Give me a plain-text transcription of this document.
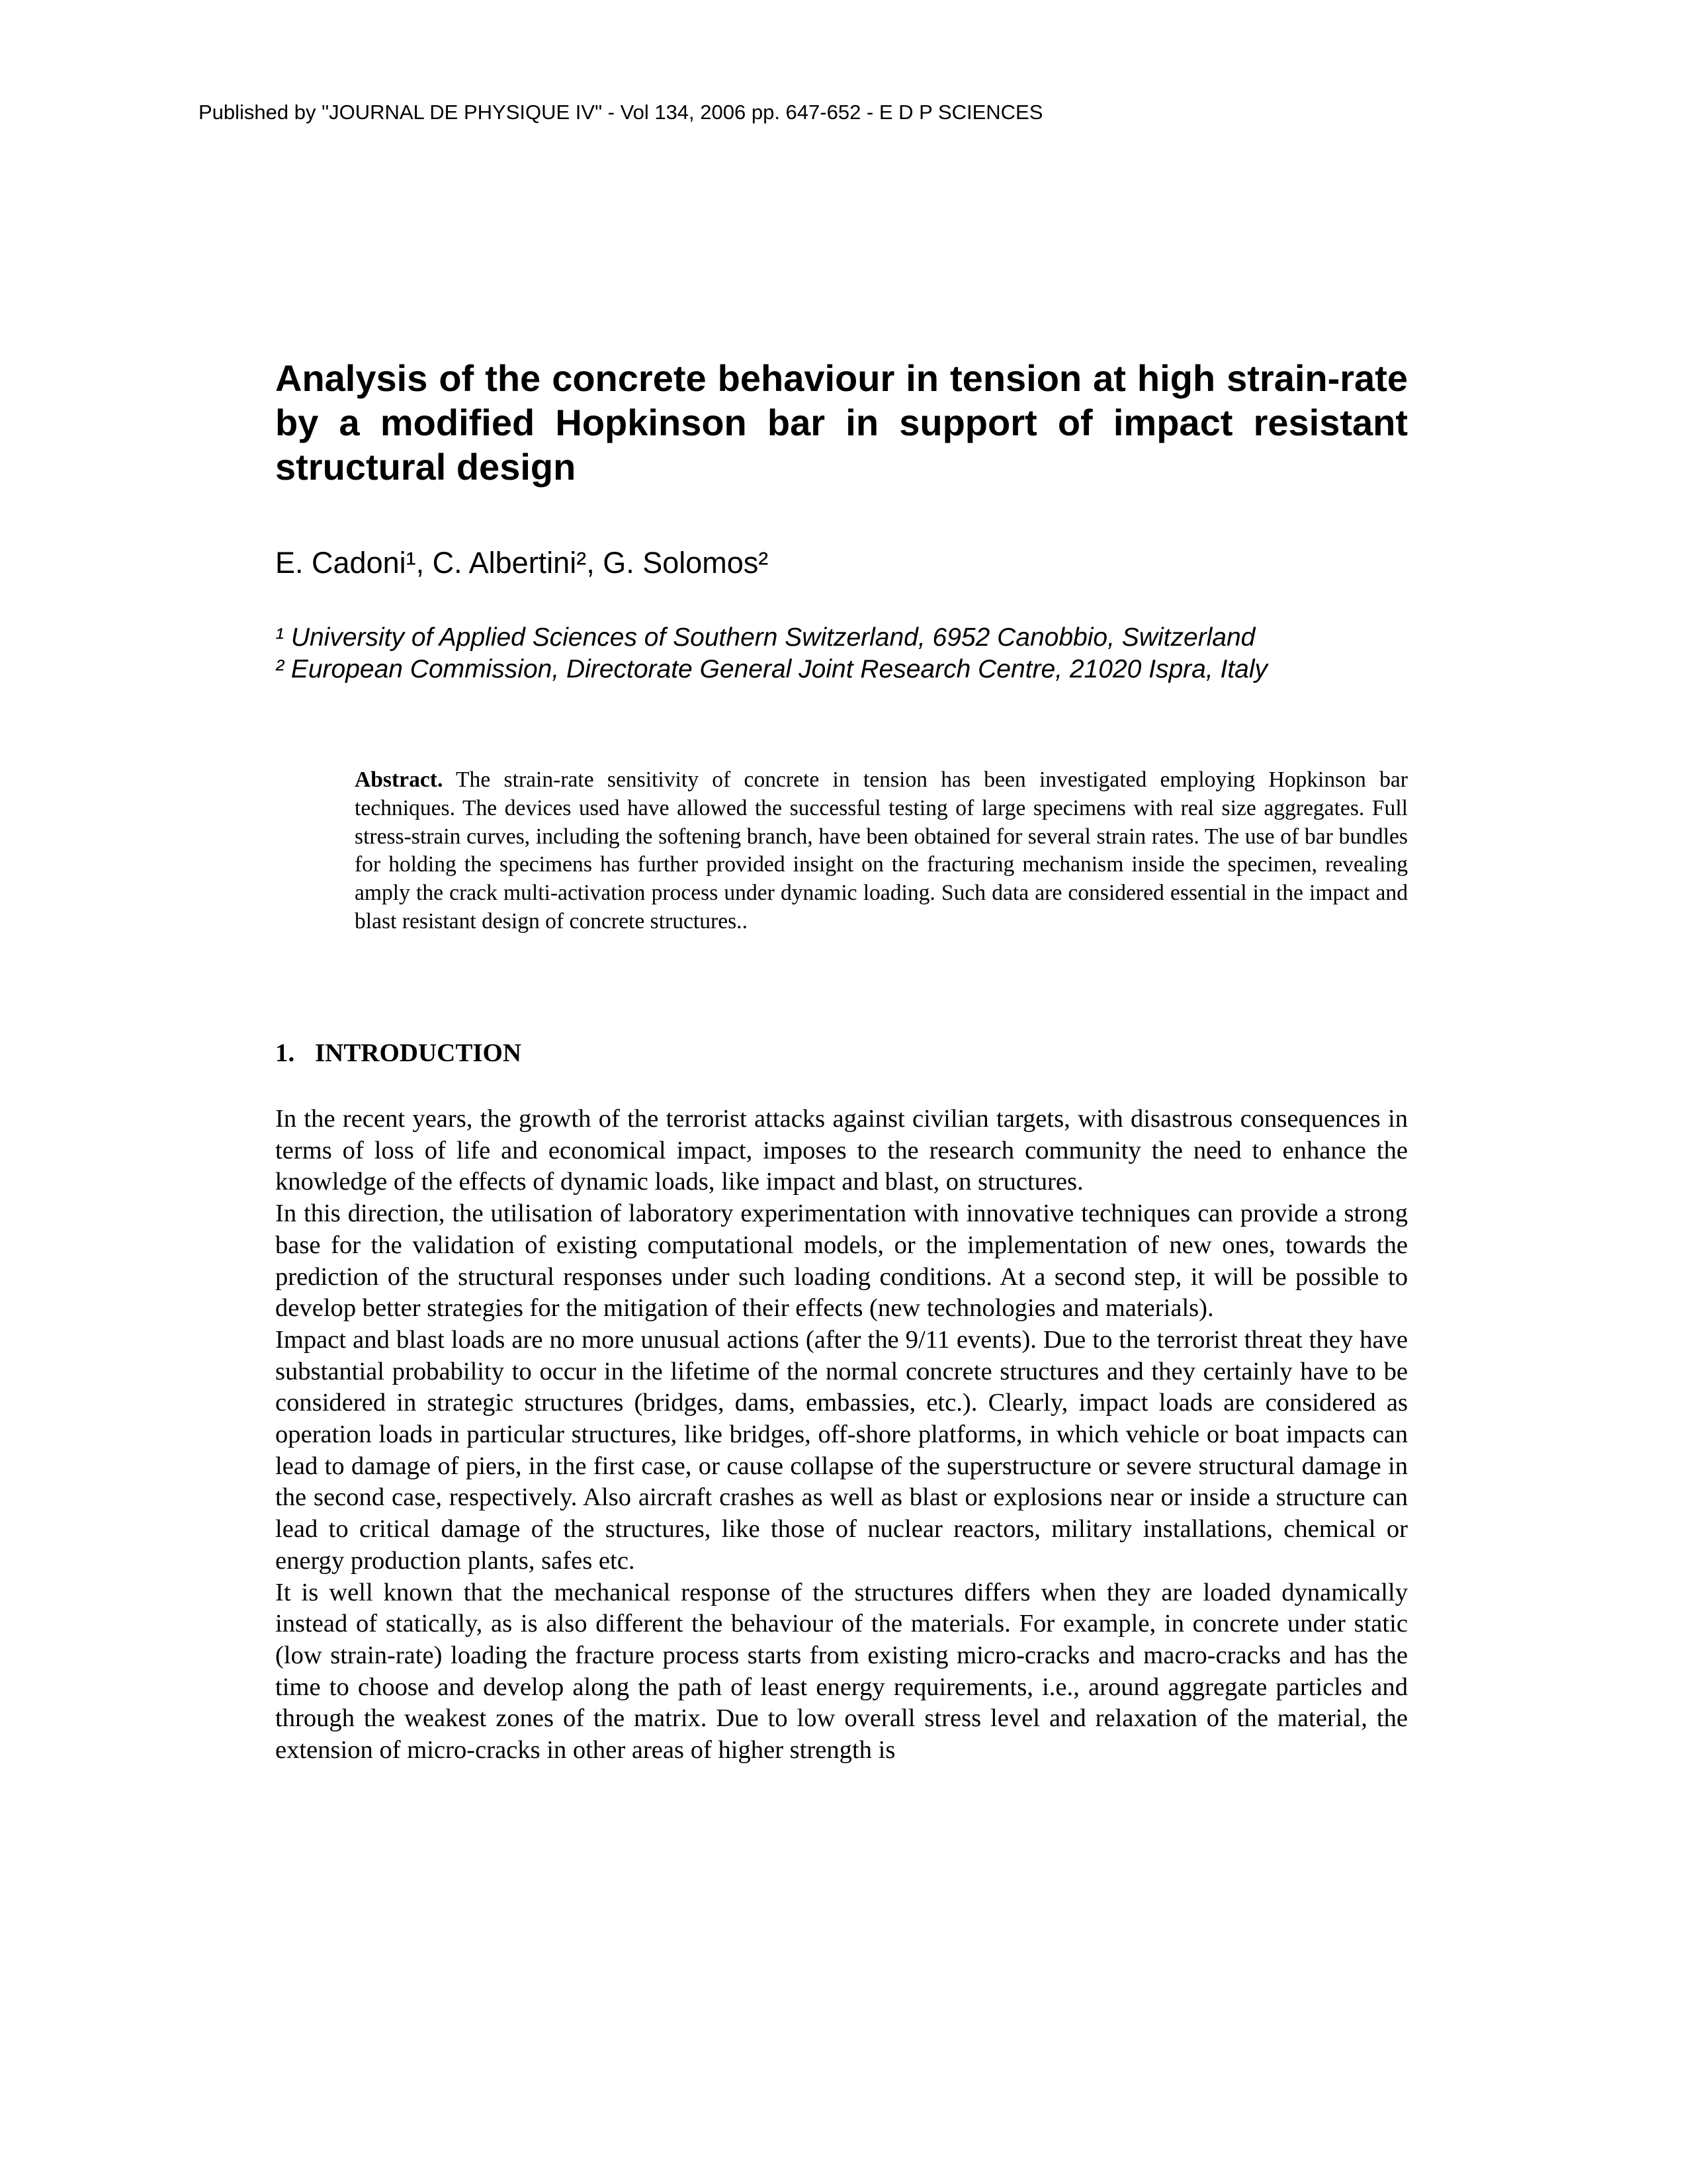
Published by "JOURNAL DE PHYSIQUE IV" - Vol 134, 2006 pp. 647-652 - E D P SCIENCES
Analysis of the concrete behaviour in tension at high strain-rate by a modified Hopkinson bar in support of impact resistant structural design
E. Cadoni¹, C. Albertini², G. Solomos²
¹ University of Applied Sciences of Southern Switzerland, 6952 Canobbio, Switzerland
² European Commission, Directorate General Joint Research Centre, 21020 Ispra, Italy

Abstract. The strain-rate sensitivity of concrete in tension has been investigated employing Hopkinson bar techniques. The devices used have allowed the successful testing of large specimens with real size aggregates. Full stress-strain curves, including the softening branch, have been obtained for several strain rates. The use of bar bundles for holding the specimens has further provided insight on the fracturing mechanism inside the specimen, revealing amply the crack multi-activation process under dynamic loading. Such data are considered essential in the impact and blast resistant design of concrete structures..

1. INTRODUCTION

In the recent years, the growth of the terrorist attacks against civilian targets, with disastrous consequences in terms of loss of life and economical impact, imposes to the research community the need to enhance the knowledge of the effects of dynamic loads, like impact and blast, on structures.

In this direction, the utilisation of laboratory experimentation with innovative techniques can provide a strong base for the validation of existing computational models, or the implementation of new ones, towards the prediction of the structural responses under such loading conditions. At a second step, it will be possible to develop better strategies for the mitigation of their effects (new technologies and materials).

Impact and blast loads are no more unusual actions (after the 9/11 events). Due to the terrorist threat they have substantial probability to occur in the lifetime of the normal concrete structures and they certainly have to be considered in strategic structures (bridges, dams, embassies, etc.). Clearly, impact loads are considered as operation loads in particular structures, like bridges, off-shore platforms, in which vehicle or boat impacts can lead to damage of piers, in the first case, or cause collapse of the superstructure or severe structural damage in the second case, respectively. Also aircraft crashes as well as blast or explosions near or inside a structure can lead to critical damage of the structures, like those of nuclear reactors, military installations, chemical or energy production plants, safes etc.

It is well known that the mechanical response of the structures differs when they are loaded dynamically instead of statically, as is also different the behaviour of the materials. For example, in concrete under static (low strain-rate) loading the fracture process starts from existing micro-cracks and macro-cracks and has the time to choose and develop along the path of least energy requirements, i.e., around aggregate particles and through the weakest zones of the matrix. Due to low overall stress level and relaxation of the material, the extension of micro-cracks in other areas of higher strength is
